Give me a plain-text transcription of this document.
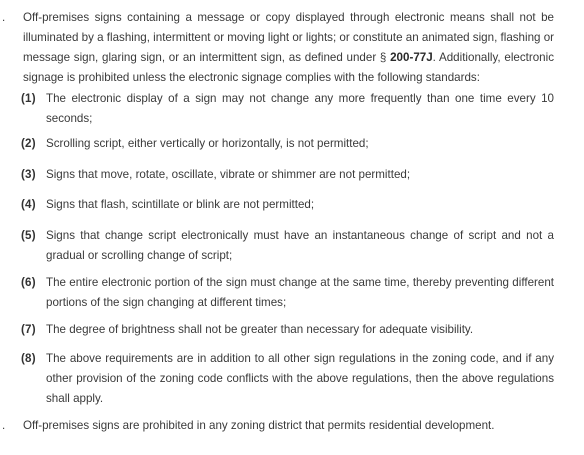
. Off-premises signs containing a message or copy displayed through electronic means shall not be illuminated by a flashing, intermittent or moving light or lights; or constitute an animated sign, flashing or message sign, glaring sign, or an intermittent sign, as defined under § 200-77J. Additionally, electronic signage is prohibited unless the electronic signage complies with the following standards:
(1) The electronic display of a sign may not change any more frequently than one time every 10 seconds;
(2) Scrolling script, either vertically or horizontally, is not permitted;
(3) Signs that move, rotate, oscillate, vibrate or shimmer are not permitted;
(4) Signs that flash, scintillate or blink are not permitted;
(5) Signs that change script electronically must have an instantaneous change of script and not a gradual or scrolling change of script;
(6) The entire electronic portion of the sign must change at the same time, thereby preventing different portions of the sign changing at different times;
(7) The degree of brightness shall not be greater than necessary for adequate visibility.
(8) The above requirements are in addition to all other sign regulations in the zoning code, and if any other provision of the zoning code conflicts with the above regulations, then the above regulations shall apply.
. Off-premises signs are prohibited in any zoning district that permits residential development.
